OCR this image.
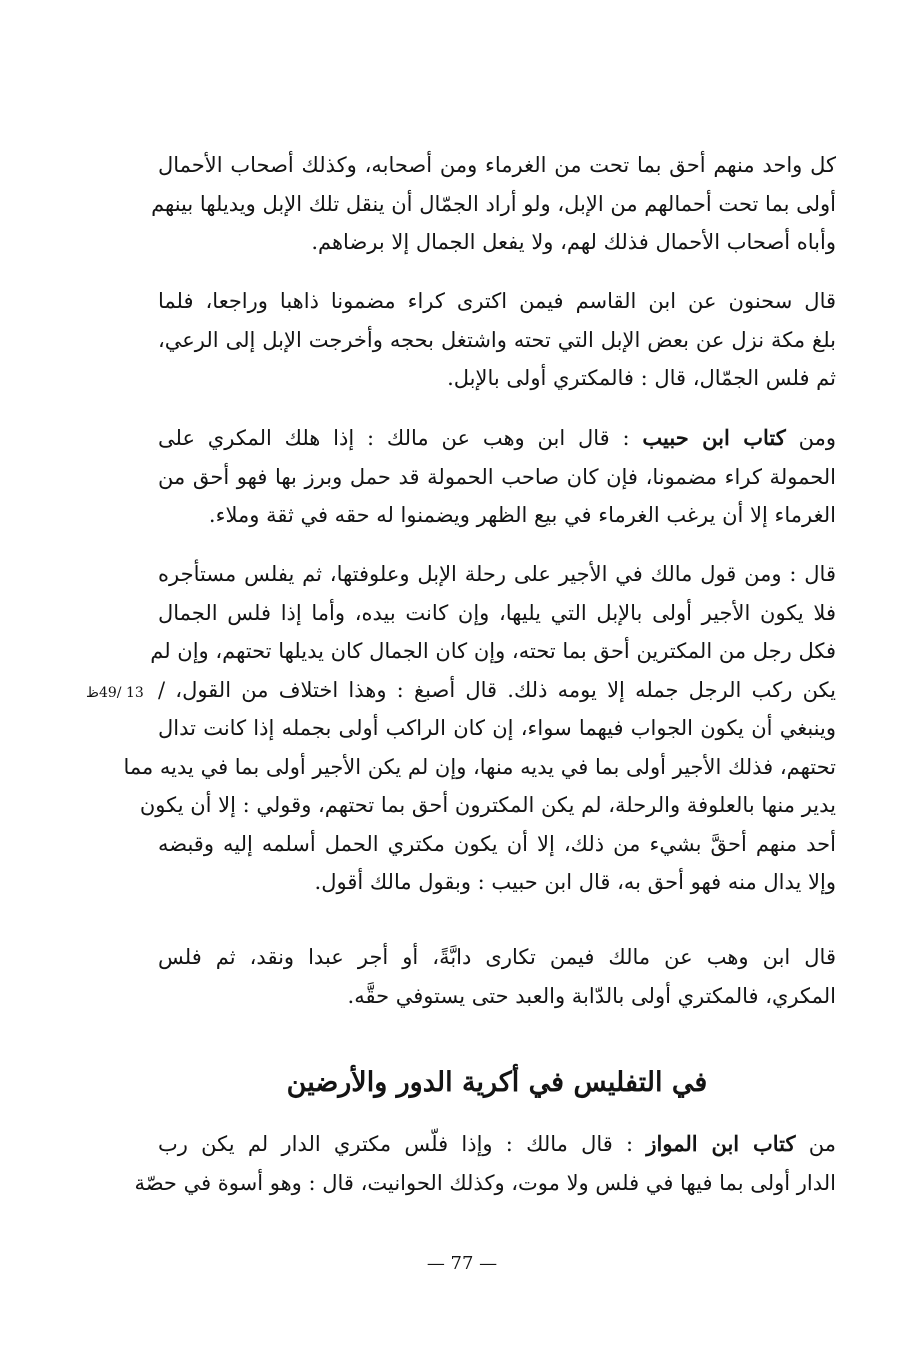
كل واحد منهم أحق بما تحت من الغرماء ومن أصحابه، وكذلك أصحاب الأحمال
أولى بما تحت أحمالهم من الإبل، ولو أراد الجمّال أن ينقل تلك الإبل ويديلها بينهم
وأباه أصحاب الأحمال فذلك لهم، ولا يفعل الجمال إلا برضاهم.
قال سحنون عن ابن القاسم فيمن اكترى كراء مضمونا ذاهبا وراجعا، فلما
بلغ مكة نزل عن بعض الإبل التي تحته واشتغل بحجه وأخرجت الإبل إلى الرعي،
ثم فلس الجمّال، قال : فالمكتري أولى بالإبل.
ومن كتاب ابن حبيب : قال ابن وهب عن مالك : إذا هلك المكري على
الحمولة كراء مضمونا، فإن كان صاحب الحمولة قد حمل وبرز بها فهو أحق من
الغرماء إلا أن يرغب الغرماء في بيع الظهر ويضمنوا له حقه في ثقة وملاء.
قال : ومن قول مالك في الأجير على رحلة الإبل وعلوفتها، ثم يفلس مستأجره
فلا يكون الأجير أولى بالإبل التي يليها، وإن كانت بيده، وأما إذا فلس الجمال
فكل رجل من المكترين أحق بما تحته، وإن كان الجمال كان يديلها تحتهم، وإن لم
يكن ركب الرجل جمله إلا يومه ذلك. قال أصبغ : وهذا اختلاف من القول، /
وينبغي أن يكون الجواب فيهما سواء، إن كان الراكب أولى بجمله إذا كانت تدال
تحتهم، فذلك الأجير أولى بما في يديه منها، وإن لم يكن الأجير أولى بما في يديه مما
يدير منها بالعلوفة والرحلة، لم يكن المكترون أحق بما تحتهم، وقولي : إلا أن يكون
أحد منهم أحقَّ بشيء من ذلك، إلا أن يكون مكتري الحمل أسلمه إليه وقبضه
وإلا يدال منه فهو أحق به، قال ابن حبيب : وبقول مالك أقول.
13 /49ظ
قال ابن وهب عن مالك فيمن تكارى دابَّةً، أو أجر عبدا ونقد، ثم فلس
المكري، فالمكتري أولى بالدّابة والعبد حتى يستوفي حقَّه.
في التفليس في أكرية الدور والأرضين
من كتاب ابن المواز : قال مالك : وإذا فلّس مكتري الدار لم يكن رب
الدار أولى بما فيها في فلس ولا موت، وكذلك الحوانيت، قال : وهو أسوة في حصّة
— 77 —
